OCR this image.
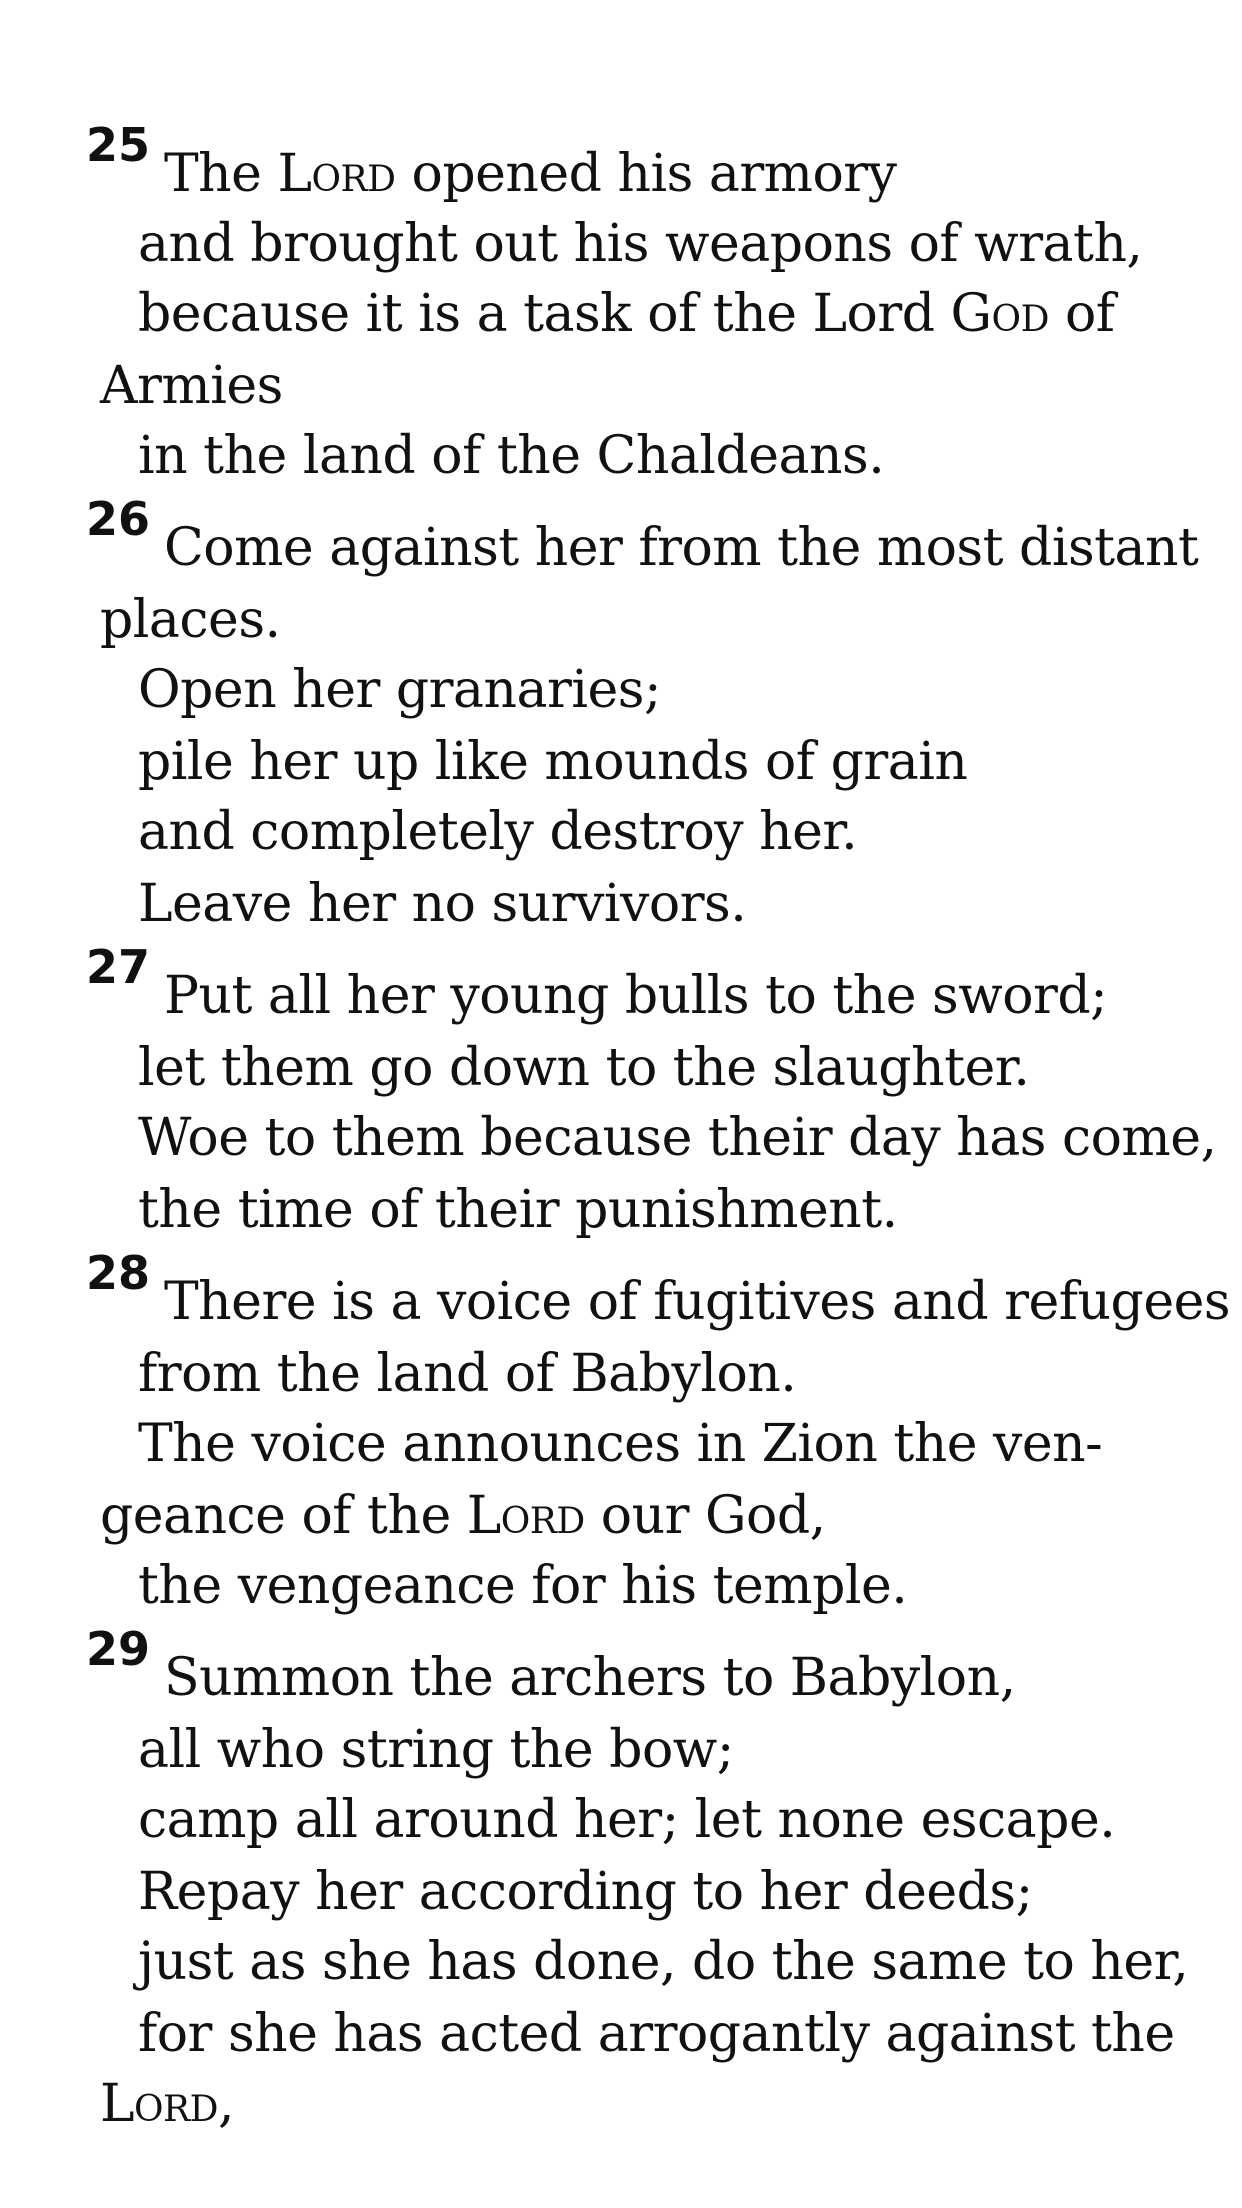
25 The Lord opened his armory
and brought out his weapons of wrath,
because it is a task of the Lord God of
Armies
in the land of the Chaldeans.
26 Come against her from the most distant
places.
Open her granaries;
pile her up like mounds of grain
and completely destroy her.
Leave her no survivors.
27 Put all her young bulls to the sword;
let them go down to the slaughter.
Woe to them because their day has come,
the time of their punishment.
28 There is a voice of fugitives and refugees
from the land of Babylon.
The voice announces in Zion the ven-
geance of the Lord our God,
the vengeance for his temple.
29 Summon the archers to Babylon,
all who string the bow;
camp all around her; let none escape.
Repay her according to her deeds;
just as she has done, do the same to her,
for she has acted arrogantly against the
Lord,
